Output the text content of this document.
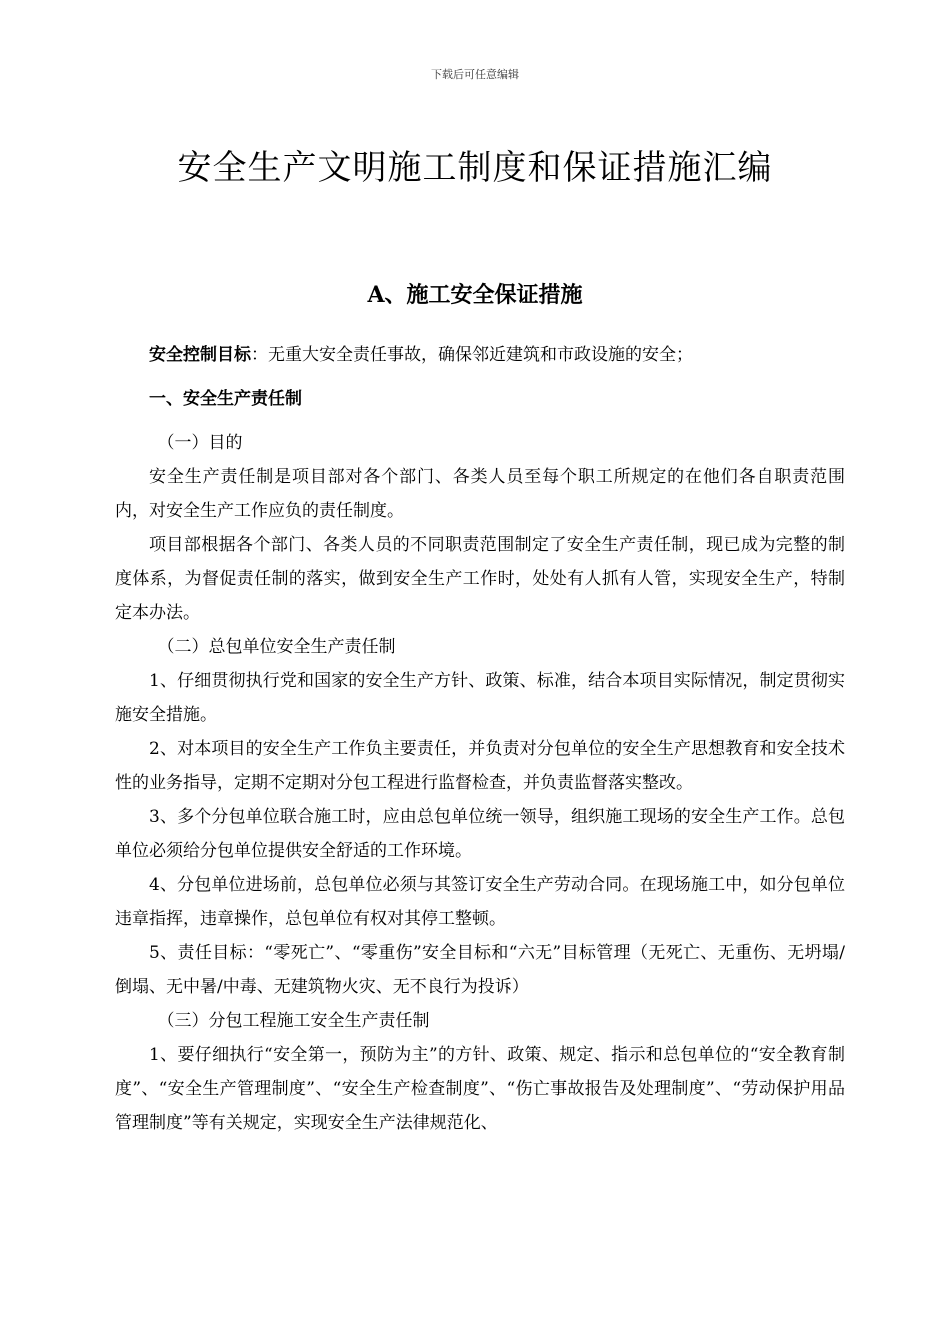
下载后可任意编辑
安全生产文明施工制度和保证措施汇编
A、施工安全保证措施

安全控制目标：无重大安全责任事故，确保邻近建筑和市政设施的安全；

一、安全生产责任制

（一）目的

安全生产责任制是项目部对各个部门、各类人员至每个职工所规定的在他们各自职责范围内，对安全生产工作应负的责任制度。

项目部根据各个部门、各类人员的不同职责范围制定了安全生产责任制，现已成为完整的制度体系，为督促责任制的落实，做到安全生产工作时，处处有人抓有人管，实现安全生产，特制定本办法。

（二）总包单位安全生产责任制

1、仔细贯彻执行党和国家的安全生产方针、政策、标准，结合本项目实际情况，制定贯彻实施安全措施。

2、对本项目的安全生产工作负主要责任，并负责对分包单位的安全生产思想教育和安全技术性的业务指导，定期不定期对分包工程进行监督检查，并负责监督落实整改。

3、多个分包单位联合施工时，应由总包单位统一领导，组织施工现场的安全生产工作。总包单位必须给分包单位提供安全舒适的工作环境。

4、分包单位进场前，总包单位必须与其签订安全生产劳动合同。在现场施工中，如分包单位违章指挥，违章操作，总包单位有权对其停工整顿。

5、责任目标：“零死亡”、“零重伤”安全目标和“六无”目标管理（无死亡、无重伤、无坍塌/倒塌、无中暑/中毒、无建筑物火灾、无不良行为投诉）

（三）分包工程施工安全生产责任制

1、要仔细执行“安全第一，预防为主”的方针、政策、规定、指示和总包单位的“安全教育制度”、“安全生产管理制度”、“安全生产检查制度”、“伤亡事故报告及处理制度”、“劳动保护用品管理制度”等有关规定，实现安全生产法律规范化、
